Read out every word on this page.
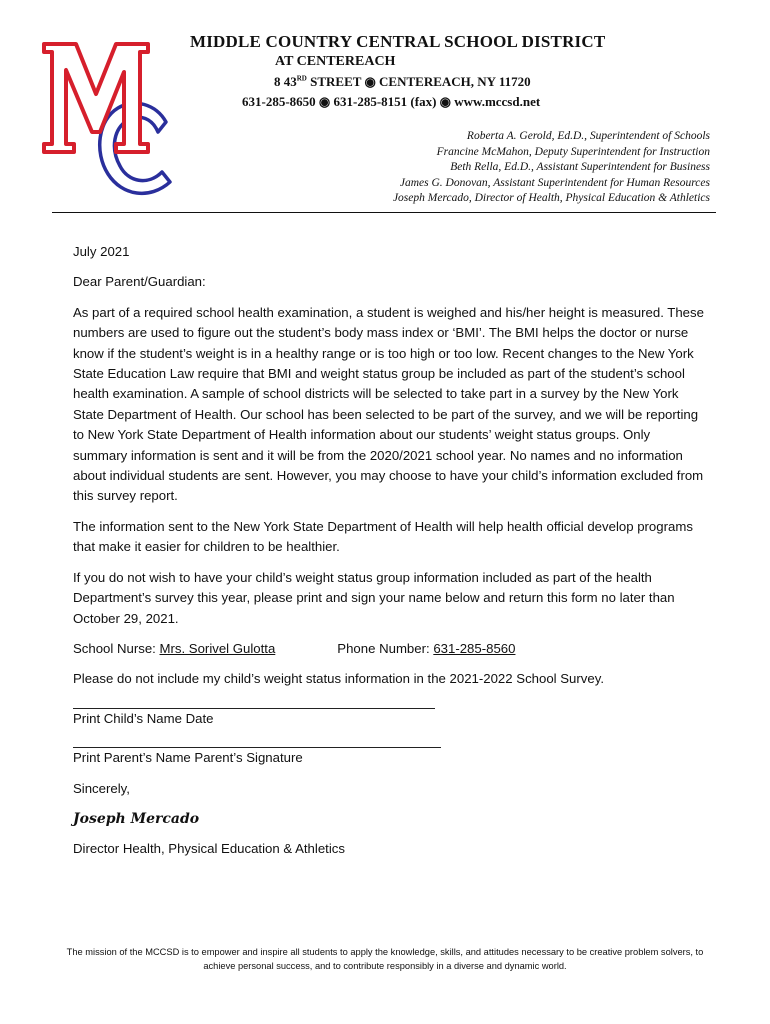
MIDDLE COUNTRY CENTRAL SCHOOL DISTRICT
AT CENTEREACH
8 43RD STREET ◉ CENTEREACH, NY 11720
631-285-8650 ◉ 631-285-8151 (fax) ◉ www.mccsd.net
Roberta A. Gerold, Ed.D., Superintendent of Schools
Francine McMahon, Deputy Superintendent for Instruction
Beth Rella, Ed.D., Assistant Superintendent for Business
James G. Donovan, Assistant Superintendent for Human Resources
Joseph Mercado, Director of Health, Physical Education & Athletics

July 2021

Dear Parent/Guardian:

As part of a required school health examination, a student is weighed and his/her height is measured. These numbers are used to figure out the student’s body mass index or ‘BMI’. The BMI helps the doctor or nurse know if the student’s weight is in a healthy range or is too high or too low. Recent changes to the New York State Education Law require that BMI and weight status group be included as part of the student’s school health examination. A sample of school districts will be selected to take part in a survey by the New York State Department of Health. Our school has been selected to be part of the survey, and we will be reporting to New York State Department of Health information about our students’ weight status groups. Only summary information is sent and it will be from the 2020/2021 school year. No names and no information about individual students are sent. However, you may choose to have your child’s information excluded from this survey report.

The information sent to the New York State Department of Health will help health official develop programs that make it easier for children to be healthier.

If you do not wish to have your child’s weight status group information included as part of the health Department’s survey this year, please print and sign your name below and return this form no later than October 29, 2021.

School Nurse: Mrs. Sorivel Gulotta	Phone Number: 631-285-8560

Please do not include my child’s weight status information in the 2021-2022 School Survey.

Print Child’s Name Date

Print Parent’s Name Parent’s Signature

Sincerely,

Joseph Mercado

Director Health, Physical Education & Athletics

The mission of the MCCSD is to empower and inspire all students to apply the knowledge, skills, and attitudes necessary to be creative problem solvers, to achieve personal success, and to contribute responsibly in a diverse and dynamic world.
